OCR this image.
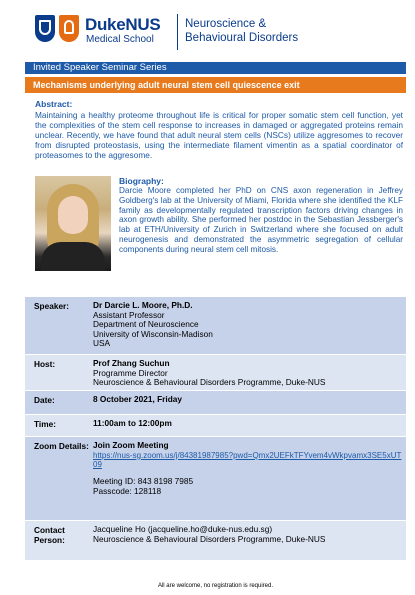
DukeNUS
Medical School
Neuroscience &
Behavioural Disorders
Invited Speaker Seminar Series
Mechanisms underlying adult neural stem cell quiescence exit
Abstract:
Maintaining a healthy proteome throughout life is critical for proper somatic stem cell function, yet the complexities of the stem cell response to increases in damaged or aggregated proteins remain unclear. Recently, we have found that adult neural stem cells (NSCs) utilize aggresomes to recover from disrupted proteostasis, using the intermediate filament vimentin as a spatial coordinator of proteasomes to the aggresome.
Biography:
Darcie Moore completed her PhD on CNS axon regeneration in Jeffrey Goldberg's lab at the University of Miami, Florida where she identified the KLF family as developmentally regulated transcription factors driving changes in axon growth ability. She performed her postdoc in the Sebastian Jessberger's lab at ETH/University of Zurich in Switzerland where she focused on adult neurogenesis and demonstrated the asymmetric segregation of cellular components during neural stem cell mitosis.
Speaker:	Dr Darcie L. Moore, Ph.D.
Assistant Professor
Department of Neuroscience
University of Wisconsin-Madison
USA
Host:	Prof Zhang Suchun
Programme Director
Neuroscience & Behavioural Disorders Programme, Duke-NUS
Date:	8 October 2021, Friday
Time:	11:00am to 12:00pm
Zoom Details: Join Zoom Meeting
https://nus-sg.zoom.us/j/84381987985?pwd=Qmx2UEFkTFYvem4vWkpvamx3SE5xUT09
Meeting ID: 843 8198 7985
Passcode: 128118
Contact
Person:
Jacqueline Ho (jacqueline.ho@duke-nus.edu.sg)
Neuroscience & Behavioural Disorders Programme, Duke-NUS
All are welcome, no registration is required.
